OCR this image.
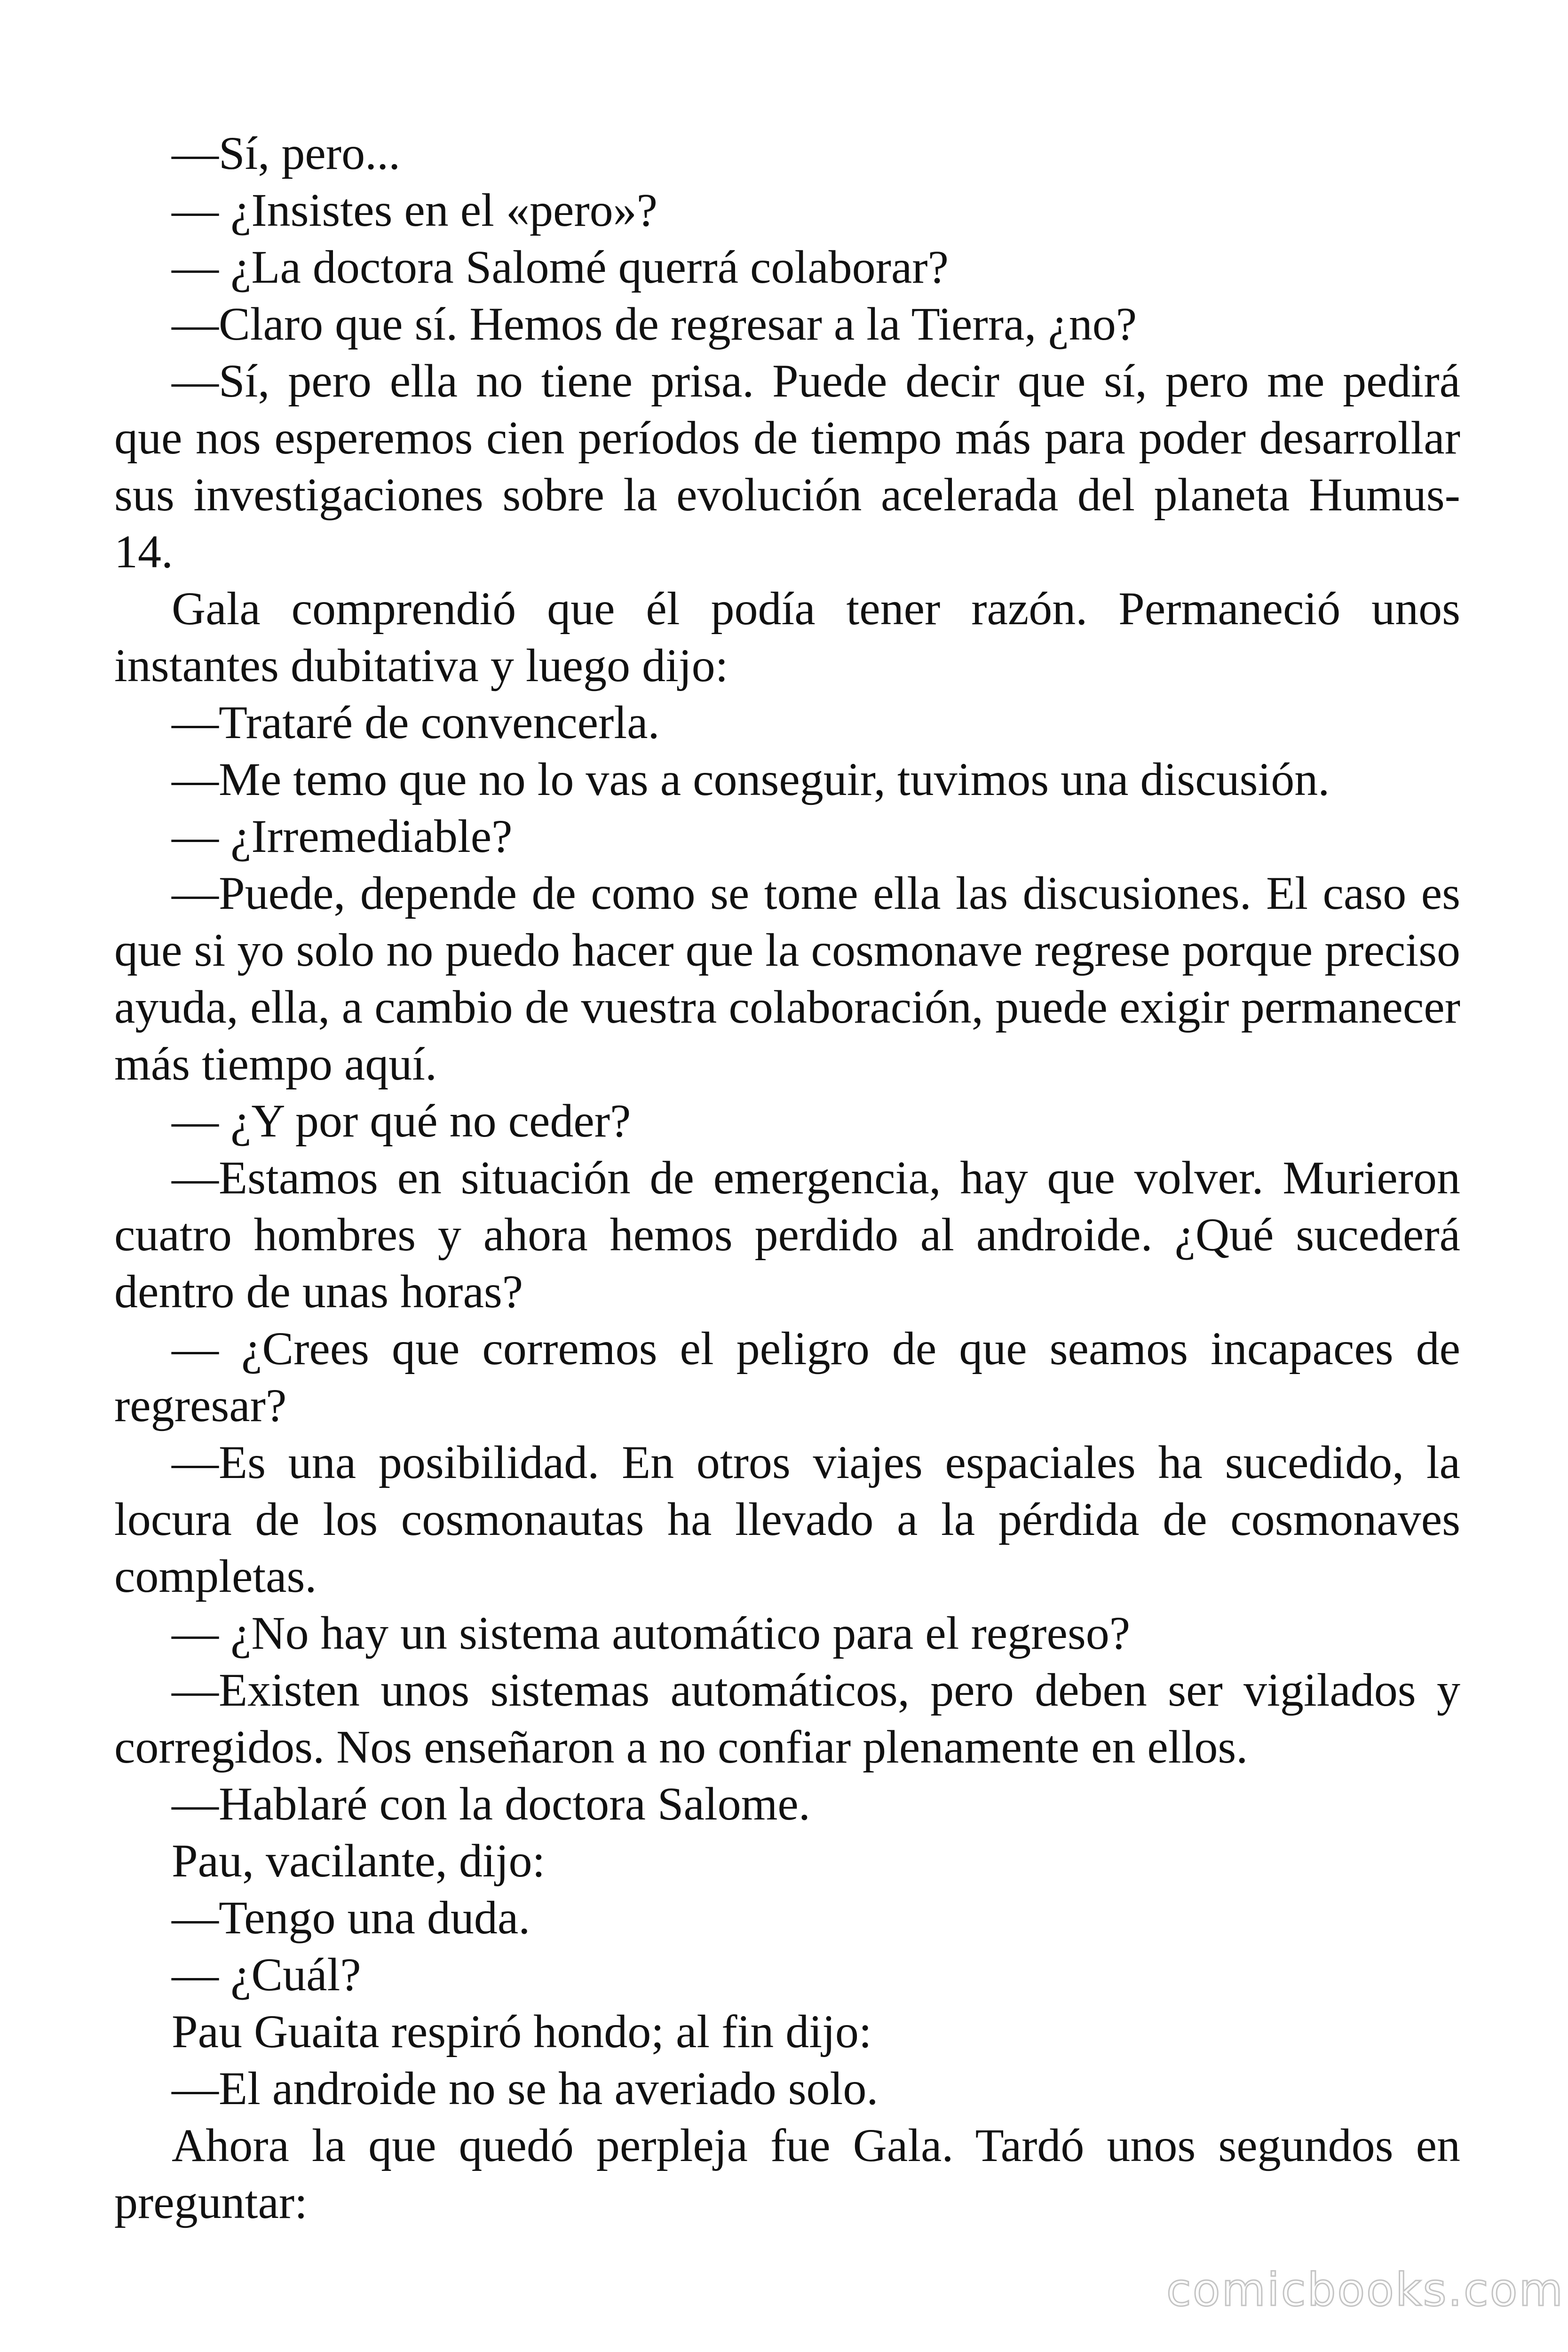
—Sí, pero...

— ¿Insistes en el «pero»?

— ¿La doctora Salomé querrá colaborar?

—Claro que sí. Hemos de regresar a la Tierra, ¿no?

—Sí, pero ella no tiene prisa. Puede decir que sí, pero me pedirá que nos esperemos cien períodos de tiempo más para poder desarrollar sus investigaciones sobre la evolución acelerada del planeta Humus-14.

Gala comprendió que él podía tener razón. Permaneció unos instantes dubitativa y luego dijo:

—Trataré de convencerla.

—Me temo que no lo vas a conseguir, tuvimos una discusión.

— ¿Irremediable?

—Puede, depende de como se tome ella las discusiones. El caso es que si yo solo no puedo hacer que la cosmonave regrese porque preciso ayuda, ella, a cambio de vuestra colaboración, puede exigir permanecer más tiempo aquí.

— ¿Y por qué no ceder?

—Estamos en situación de emergencia, hay que volver. Murieron cuatro hombres y ahora hemos perdido al androide. ¿Qué sucederá dentro de unas horas?

— ¿Crees que corremos el peligro de que seamos incapaces de regresar?

—Es una posibilidad. En otros viajes espaciales ha sucedido, la locura de los cosmonautas ha llevado a la pérdida de cosmonaves completas.

— ¿No hay un sistema automático para el regreso?

—Existen unos sistemas automáticos, pero deben ser vigilados y corregidos. Nos enseñaron a no confiar plenamente en ellos.

—Hablaré con la doctora Salome.

Pau, vacilante, dijo:

—Tengo una duda.

— ¿Cuál?

Pau Guaita respiró hondo; al fin dijo:

—El androide no se ha averiado solo.

Ahora la que quedó perpleja fue Gala. Tardó unos segundos en preguntar:

comicbooks.com
